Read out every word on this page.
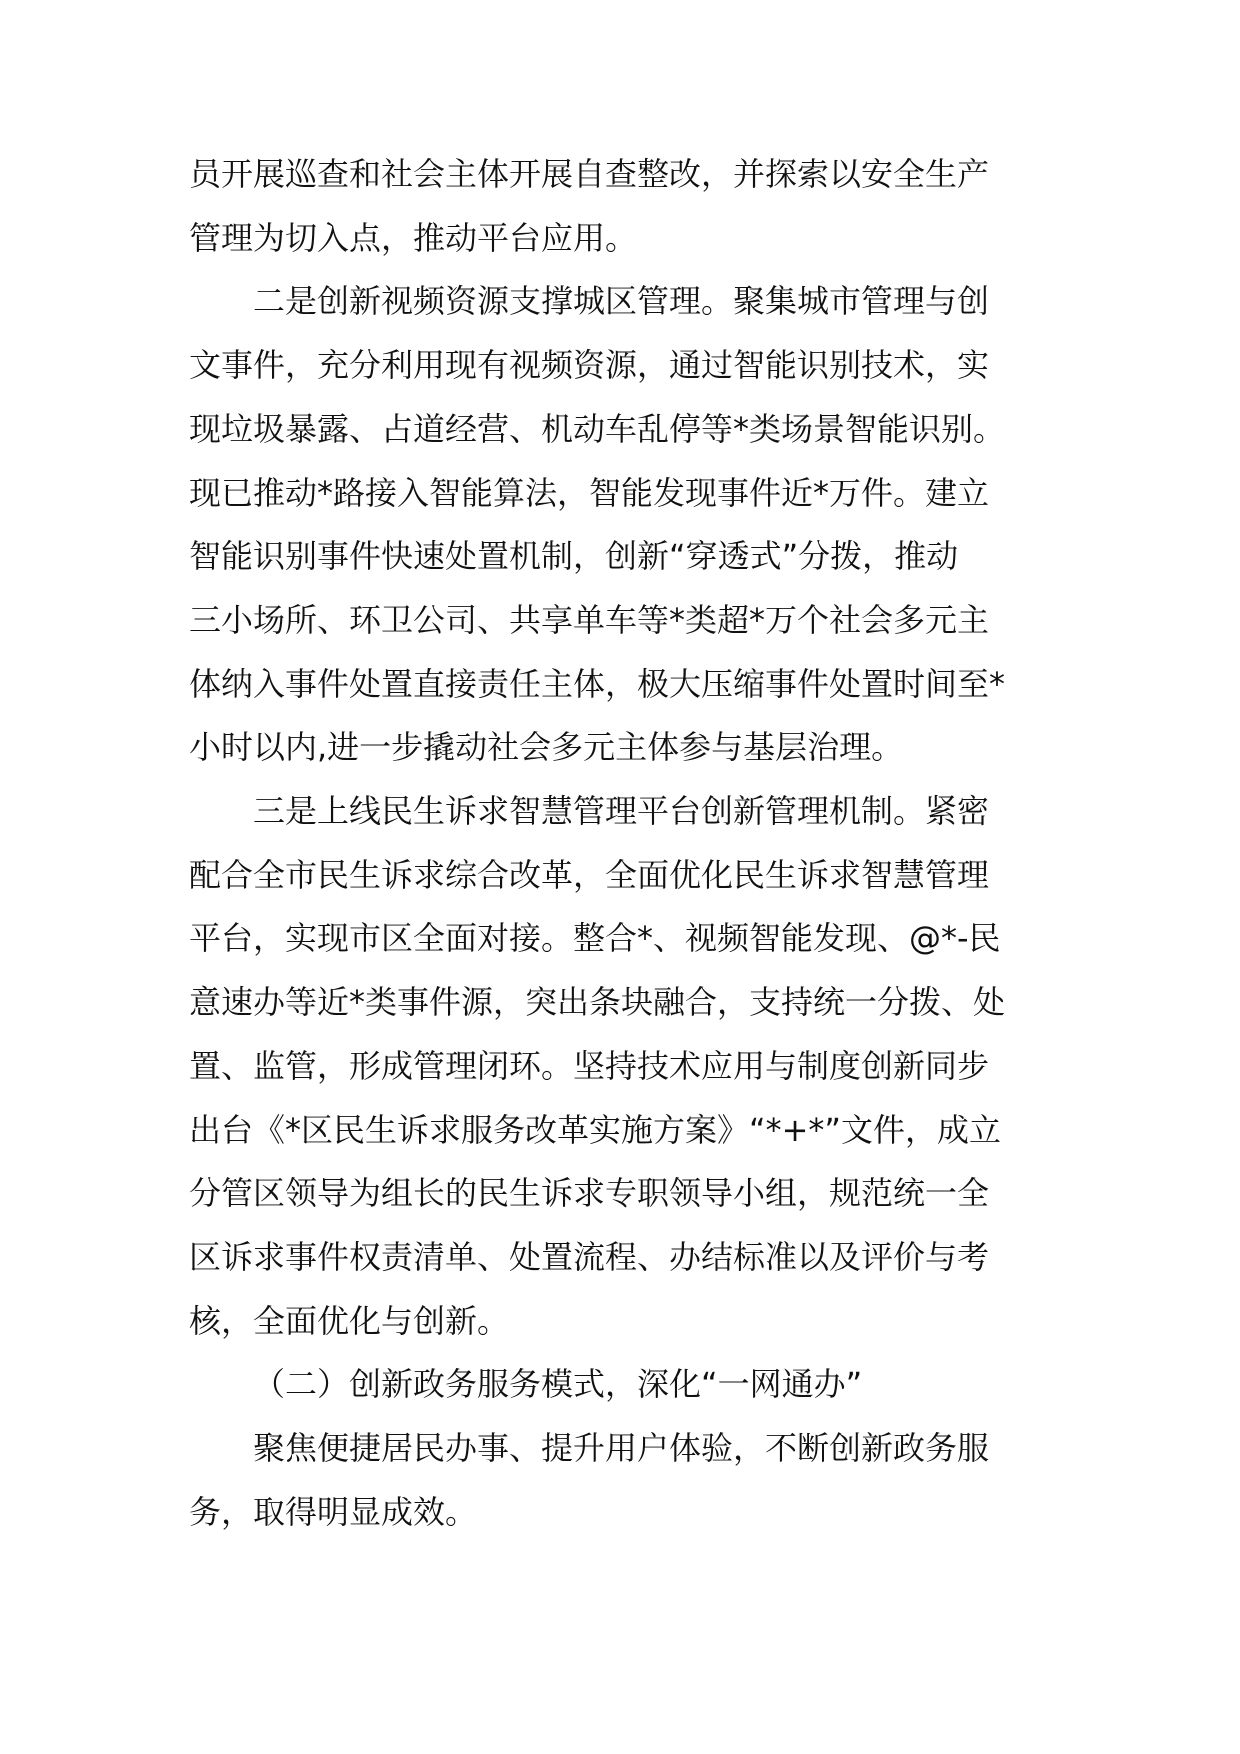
员开展巡查和社会主体开展自查整改，并探索以安全生产
管理为切入点，推动平台应用。

二是创新视频资源支撑城区管理。聚集城市管理与创
文事件，充分利用现有视频资源，通过智能识别技术，实
现垃圾暴露、占道经营、机动车乱停等*类场景智能识别。
现已推动*路接入智能算法，智能发现事件近*万件。建立
智能识别事件快速处置机制，创新“穿透式”分拨，推动
三小场所、环卫公司、共享单车等*类超*万个社会多元主
体纳入事件处置直接责任主体，极大压缩事件处置时间至*
小时以内,进一步撬动社会多元主体参与基层治理。

三是上线民生诉求智慧管理平台创新管理机制。紧密
配合全市民生诉求综合改革，全面优化民生诉求智慧管理
平台，实现市区全面对接。整合*、视频智能发现、@*-民
意速办等近*类事件源，突出条块融合，支持统一分拨、处
置、监管，形成管理闭环。坚持技术应用与制度创新同步
出台《*区民生诉求服务改革实施方案》“*+*”文件，成立
分管区领导为组长的民生诉求专职领导小组，规范统一全
区诉求事件权责清单、处置流程、办结标准以及评价与考
核，全面优化与创新。

（二）创新政务服务模式，深化“一网通办”

聚焦便捷居民办事、提升用户体验，不断创新政务服
务，取得明显成效。
